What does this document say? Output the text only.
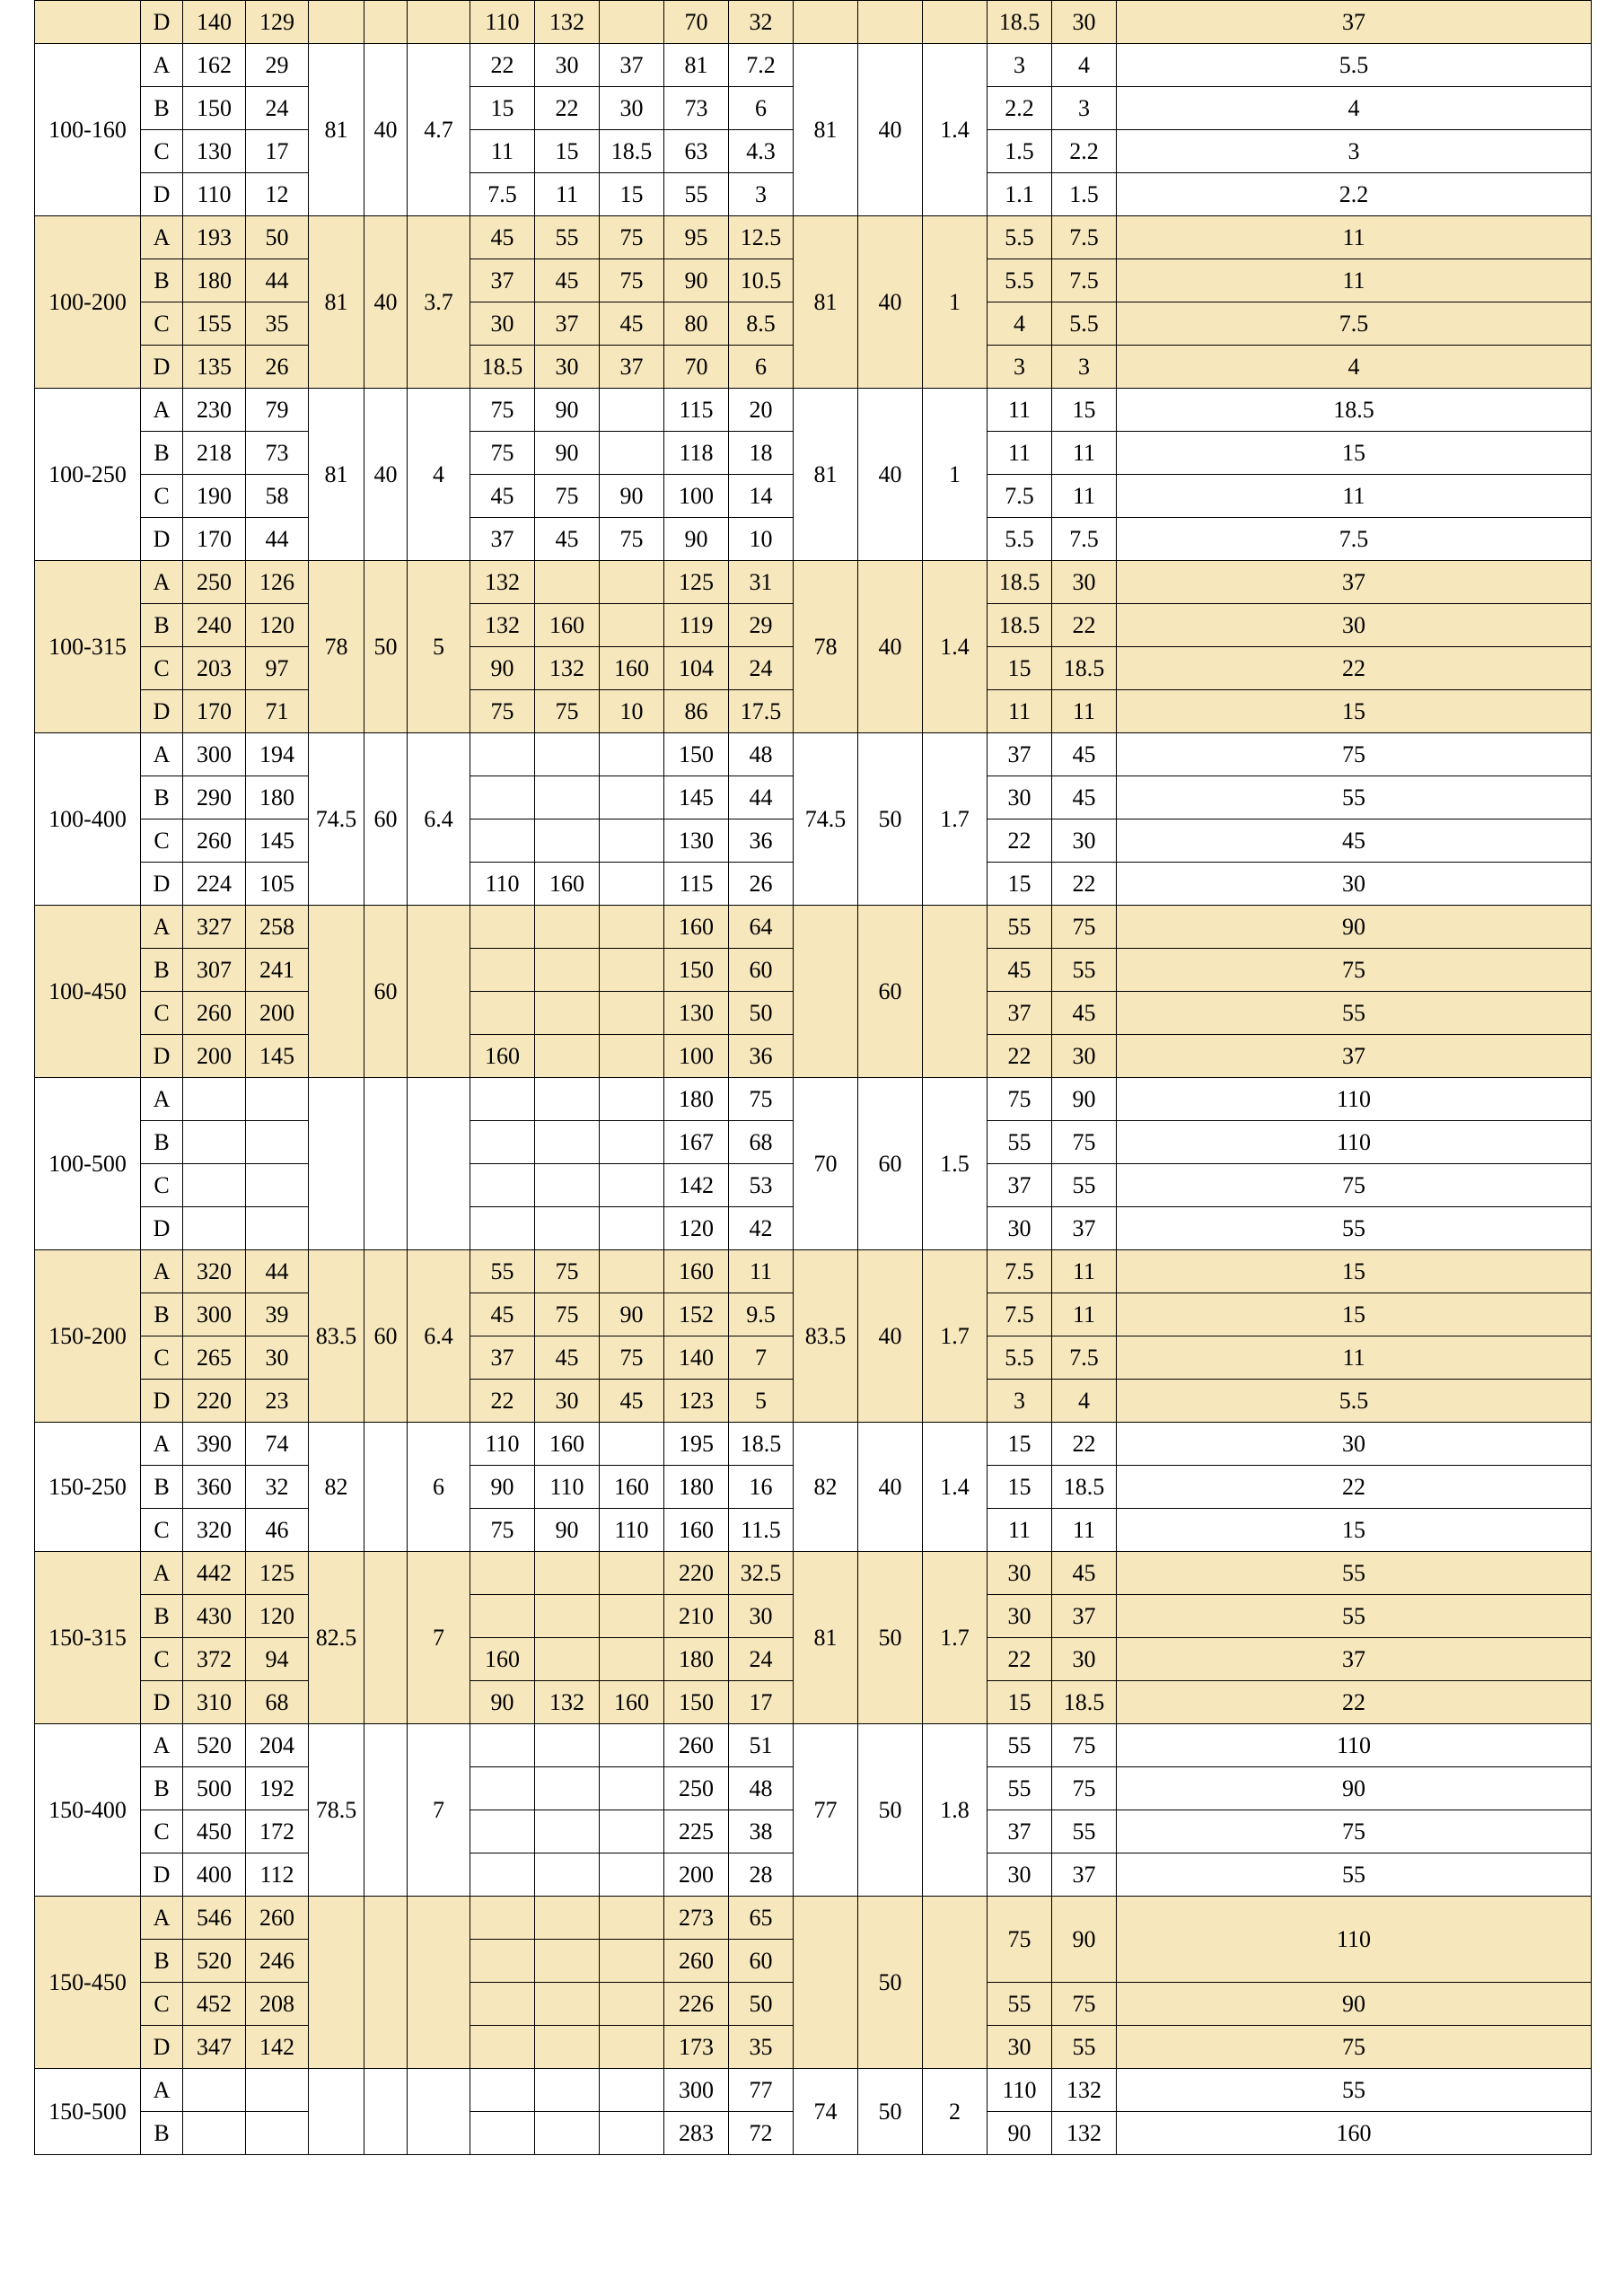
	D	140	129				110	132		70	32				18.5	30	37
100-160	A	162	29	81	40	4.7	22	30	37	81	7.2	81	40	1.4	3	4	5.5
	B	150	24				15	22	30	73	6				2.2	3	4
	C	130	17				11	15	18.5	63	4.3				1.5	2.2	3
	D	110	12				7.5	11	15	55	3				1.1	1.5	2.2
100-200	A	193	50	81	40	3.7	45	55	75	95	12.5	81	40	1	5.5	7.5	11
	B	180	44				37	45	75	90	10.5				5.5	7.5	11
	C	155	35				30	37	45	80	8.5				4	5.5	7.5
	D	135	26				18.5	30	37	70	6				3	3	4
100-250	A	230	79	81	40	4	75	90		115	20	81	40	1	11	15	18.5
	B	218	73				75	90		118	18				11	11	15
	C	190	58				45	75	90	100	14				7.5	11	11
	D	170	44				37	45	75	90	10				5.5	7.5	7.5
100-315	A	250	126	78	50	5	132			125	31	78	40	1.4	18.5	30	37
	B	240	120				132	160		119	29				18.5	22	30
	C	203	97				90	132	160	104	24				15	18.5	22
	D	170	71				75	75	10	86	17.5				11	11	15
100-400	A	300	194	74.5	60	6.4				150	48	74.5	50	1.7	37	45	75
	B	290	180							145	44				30	45	55
	C	260	145							130	36				22	30	45
	D	224	105				110	160		115	26				15	22	30
100-450	A	327	258		60					160	64		60		55	75	90
	B	307	241							150	60				45	55	75
	C	260	200							130	50				37	45	55
	D	200	145				160			100	36				22	30	37
100-500	A									180	75	70	60	1.5	75	90	110
	B									167	68				55	75	110
	C									142	53				37	55	75
	D									120	42				30	37	55
150-200	A	320	44	83.5	60	6.4	55	75		160	11	83.5	40	1.7	7.5	11	15
	B	300	39				45	75	90	152	9.5				7.5	11	15
	C	265	30				37	45	75	140	7				5.5	7.5	11
	D	220	23				22	30	45	123	5				3	4	5.5
150-250	A	390	74	82		6	110	160		195	18.5	82	40	1.4	15	22	30
	B	360	32				90	110	160	180	16				15	18.5	22
	C	320	46				75	90	110	160	11.5				11	11	15
150-315	A	442	125	82.5		7				220	32.5	81	50	1.7	30	45	55
	B	430	120							210	30				30	37	55
	C	372	94				160			180	24				22	30	37
	D	310	68				90	132	160	150	17				15	18.5	22
150-400	A	520	204	78.5		7				260	51	77	50	1.8	55	75	110
	B	500	192							250	48				55	75	90
	C	450	172							225	38				37	55	75
	D	400	112							200	28				30	37	55
150-450	A	546	260							273	65		50		75	90	110
	B	520	246							260	60						
	C	452	208							226	50				55	75	90
	D	347	142							173	35				30	55	75
150-500	A									300	77	74	50	2	110	132	55
	B									283	72				90	132	160
